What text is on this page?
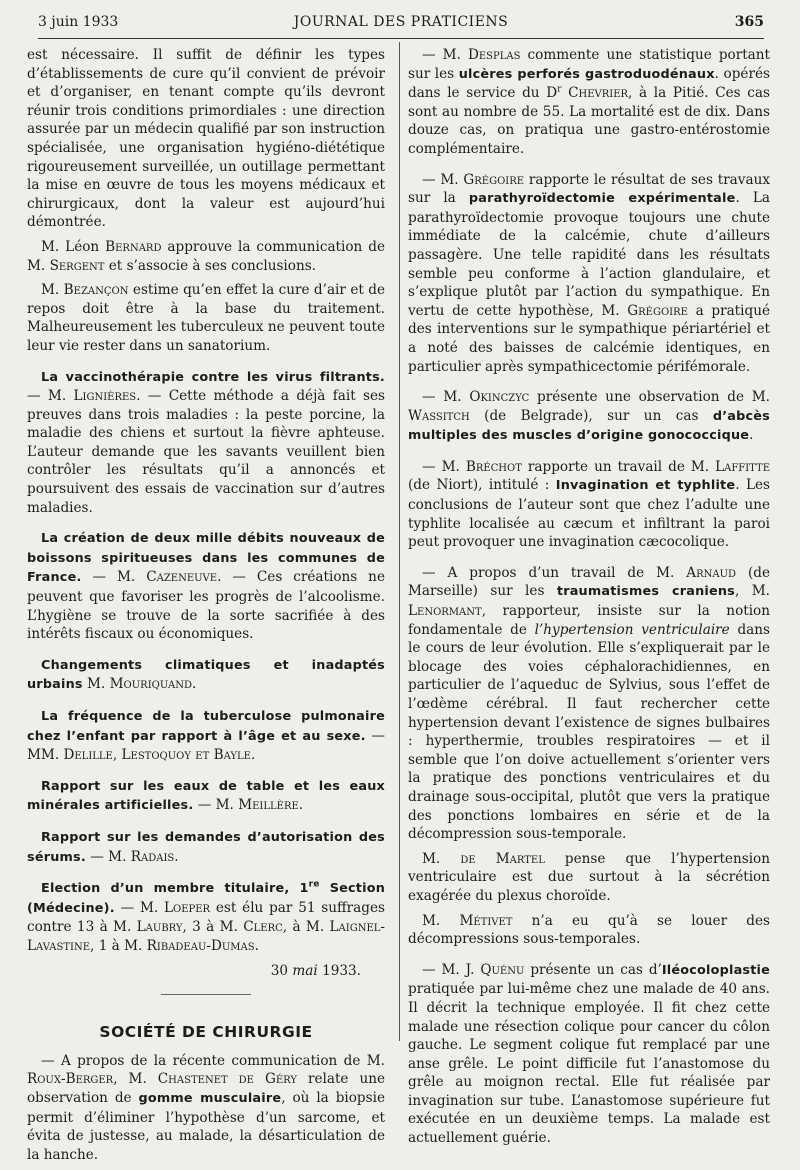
3 juin 1933	JOURNAL DES PRATICIENS	365

est nécessaire. Il suffit de définir les types d’établissements de cure qu’il convient de prévoir et d’organiser, en tenant compte qu’ils devront réunir trois conditions primordiales : une direction assurée par un médecin qualifié par son instruction spécialisée, une organisation hygiéno-diététique rigoureusement surveillée, un outillage permettant la mise en œuvre de tous les moyens médicaux et chirurgicaux, dont la valeur est aujourd’hui démontrée.

M. Léon Bernard approuve la communication de M. Sergent et s’associe à ses conclusions.

M. Bezançon estime qu’en effet la cure d’air et de repos doit être à la base du traitement. Malheureusement les tuberculeux ne peuvent toute leur vie rester dans un sanatorium.

La vaccinothérapie contre les virus filtrants. — M. Lignières. — Cette méthode a déjà fait ses preuves dans trois maladies : la peste porcine, la maladie des chiens et surtout la fièvre aphteuse. L’auteur demande que les savants veuillent bien contrôler les résultats qu’il a annoncés et poursuivent des essais de vaccination sur d’autres maladies.

La création de deux mille débits nouveaux de boissons spiritueuses dans les communes de France. — M. Cazeneuve. — Ces créations ne peuvent que favoriser les progrès de l’alcoolisme. L’hygiène se trouve de la sorte sacrifiée à des intérêts fiscaux ou économiques.

Changements climatiques et inadaptés urbains M. Mouriquand.

La fréquence de la tuberculose pulmonaire chez l’enfant par rapport à l’âge et au sexe. — MM. Delille, Lestoquoy et Bayle.

Rapport sur les eaux de table et les eaux minérales artificielles. — M. Meillère.

Rapport sur les demandes d’autorisation des sérums. — M. Radais.

Election d’un membre titulaire, 1re Section (Médecine). — M. Loeper est élu par 51 suffrages contre 13 à M. Laubry, 3 à M. Clerc, à M. Laignel-Lavastine, 1 à M. Ribadeau-Dumas.

30 mai 1933.

SOCIÉTÉ DE CHIRURGIE

— A propos de la récente communication de M. Roux-Berger, M. Chastenet de Géry relate une observation de gomme musculaire, où la biopsie permit d’éliminer l’hypothèse d’un sarcome, et évita de justesse, au malade, la désarticulation de la hanche.

— M. Desplas commente une statistique portant sur les ulcères perforés gastroduodénaux. opérés dans le service du $D^r$ Chevrier, à la Pitié. Ces cas sont au nombre de 55. La mortalité est de dix. Dans douze cas, on pratiqua une gastro-entérostomie complémentaire.

— M. Grégoire rapporte le résultat de ses travaux sur la parathyroïdectomie expérimentale. La parathyroïdectomie provoque toujours une chute immédiate de la calcémie, chute d’ailleurs passagère. Une telle rapidité dans les résultats semble peu conforme à l’action glandulaire, et s’explique plutôt par l’action du sympathique. En vertu de cette hypothèse, M. Grégoire a pratiqué des interventions sur le sympathique périartériel et a noté des baisses de calcémie identiques, en particulier après sympathicectomie périfémorale.

— M. Okinczyc présente une observation de M. Wassitch (de Belgrade), sur un cas d’abcès multiples des muscles d’origine gonococcique.

— M. Bréchot rapporte un travail de M. Laffitte (de Niort), intitulé : Invagination et typhlite. Les conclusions de l’auteur sont que chez l’adulte une typhlite localisée au cæcum et infiltrant la paroi peut provoquer une invagination cæcocolique.

— A propos d’un travail de M. Arnaud (de Marseille) sur les traumatismes craniens, M. Lenormant, rapporteur, insiste sur la notion fondamentale de l’hypertension ventriculaire dans le cours de leur évolution. Elle s’expliquerait par le blocage des voies céphalorachidiennes, en particulier de l’aqueduc de Sylvius, sous l’effet de l’œdème cérébral. Il faut rechercher cette hypertension devant l’existence de signes bulbaires : hyperthermie, troubles respiratoires — et il semble que l’on doive actuellement s’orienter vers la pratique des ponctions ventriculaires et du drainage sous-occipital, plutôt que vers la pratique des ponctions lombaires en série et de la décompression sous-temporale.

M. de Martel pense que l’hypertension ventriculaire est due surtout à la sécrétion exagérée du plexus choroïde.

M. Métivet n’a eu qu’à se louer des décompressions sous-temporales.

— M. J. Quénu présente un cas d’Iléocoloplastie pratiquée par lui-même chez une malade de 40 ans. Il décrit la technique employée. Il fit chez cette malade une résection colique pour cancer du côlon gauche. Le segment colique fut remplacé par une anse grêle. Le point difficile fut l’anastomose du grêle au moignon rectal. Elle fut réalisée par invagination sur tube. L’anastomose supérieure fut exécutée en un deuxième temps. La malade est actuellement guérie.
